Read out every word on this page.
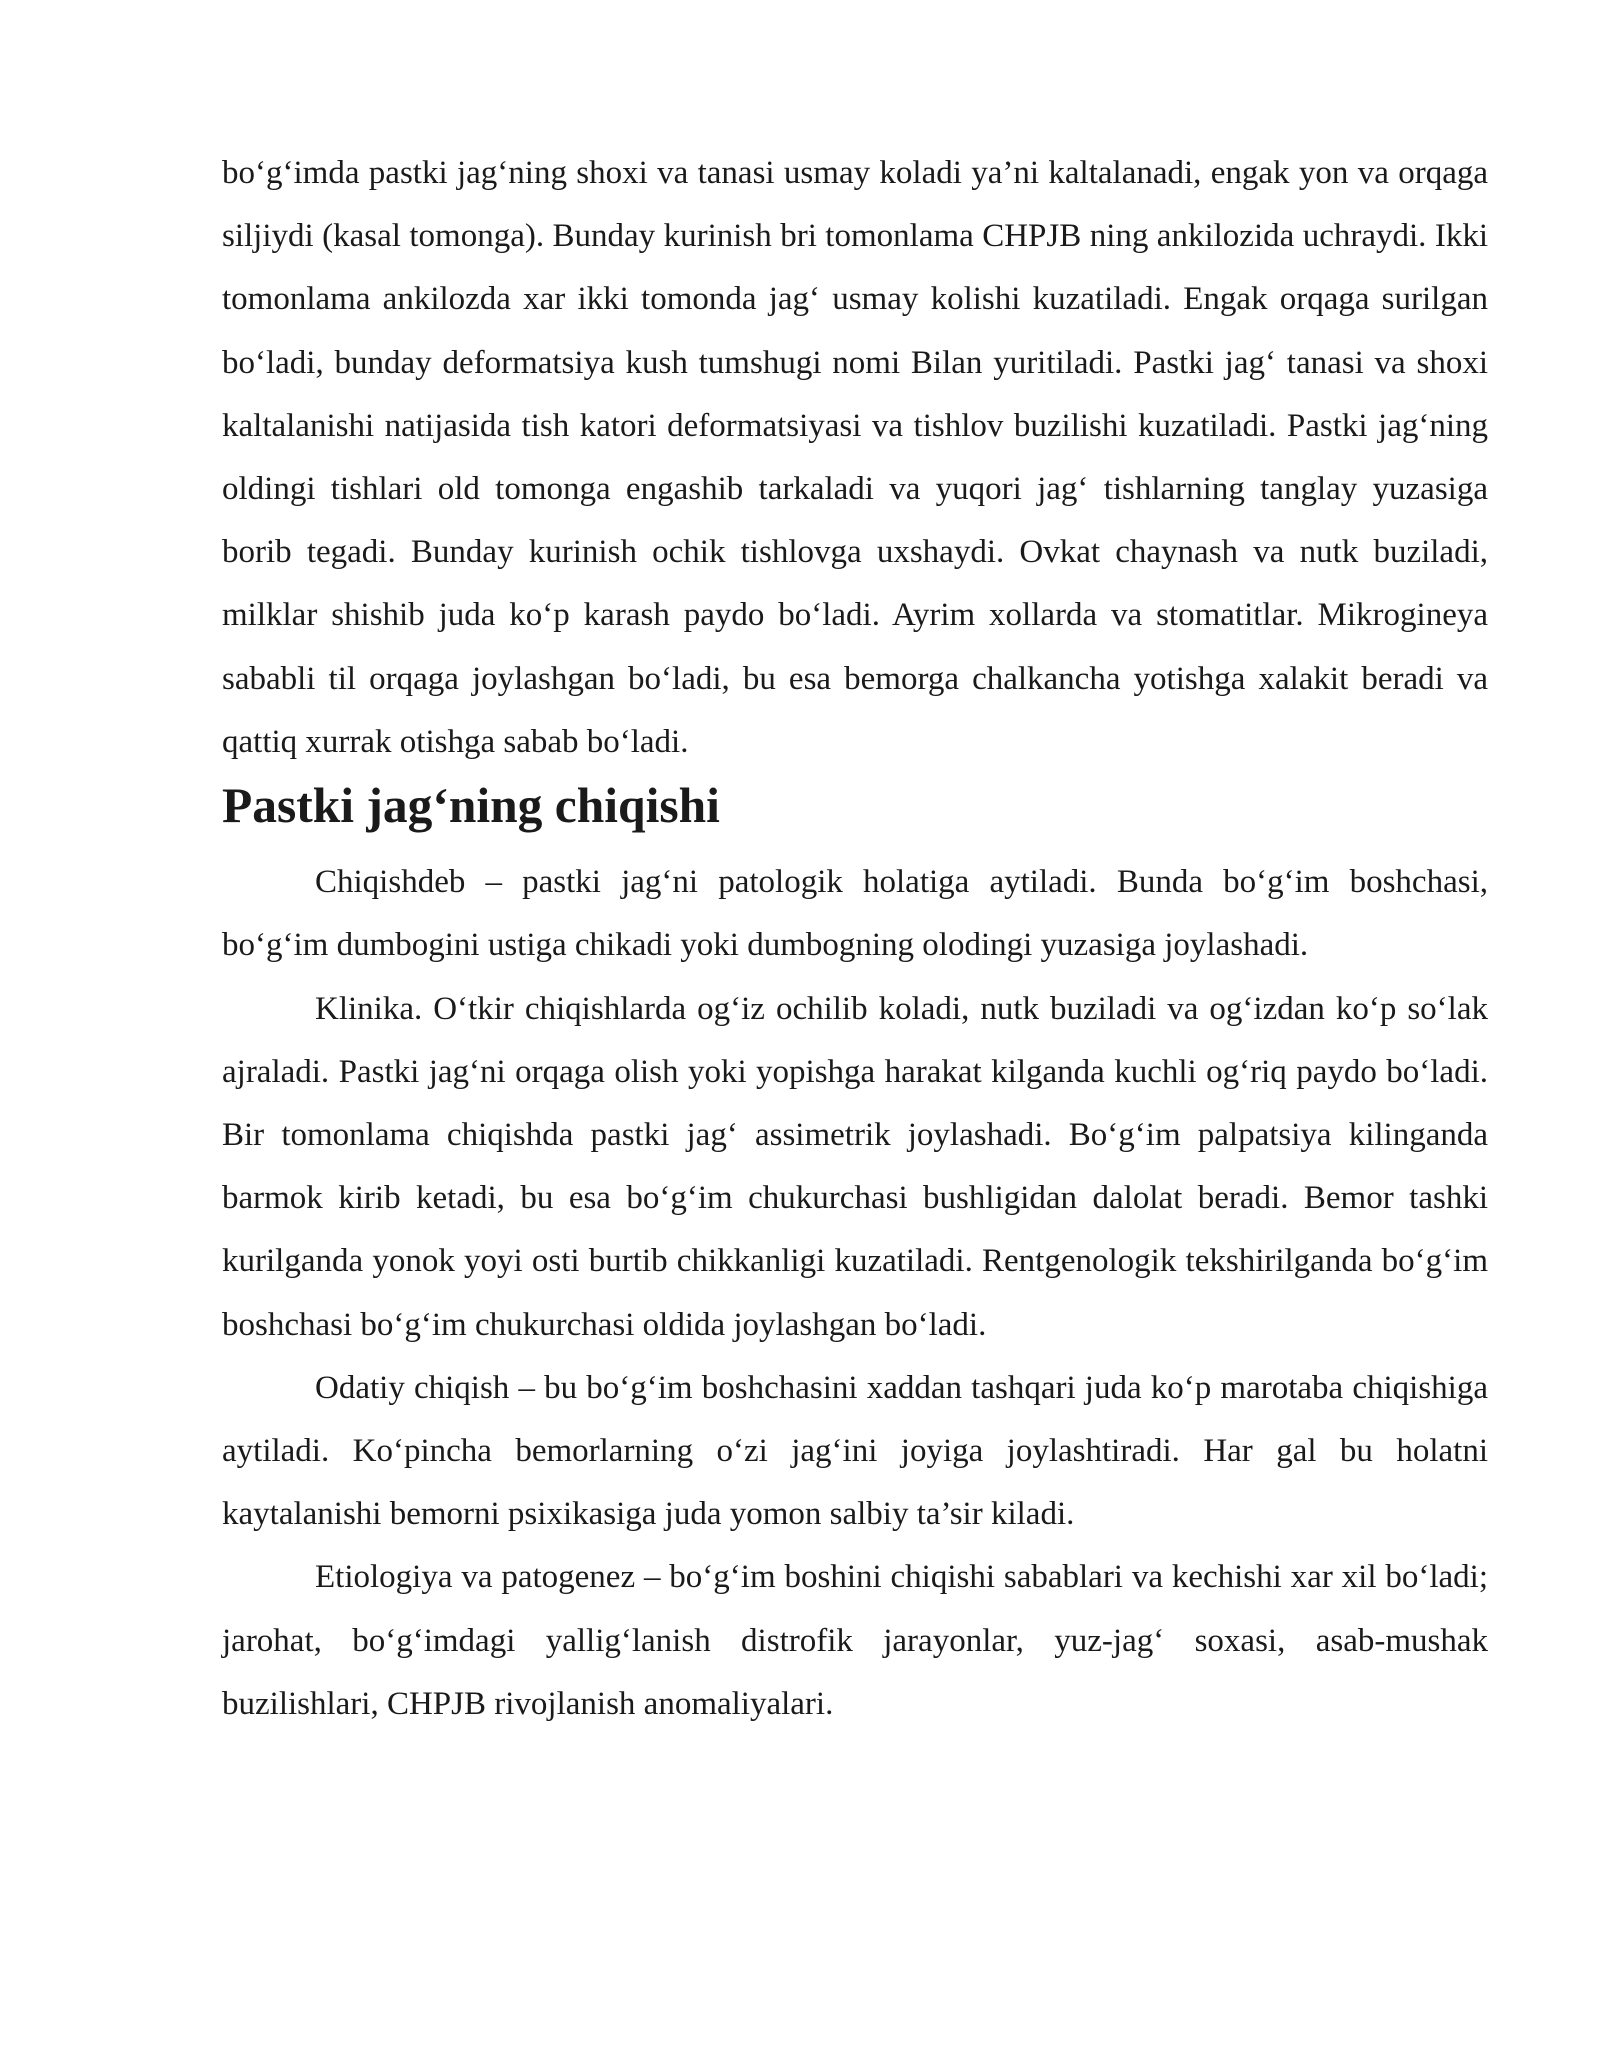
bo‘g‘imda pastki jag‘ning shoxi va tanasi usmay koladi ya’ni kaltalanadi, engak yon va orqaga siljiydi (kasal tomonga). Bunday kurinish bri tomonlama CHPJB ning ankilozida uchraydi. Ikki tomonlama ankilozda xar ikki tomonda jag‘ usmay kolishi kuzatiladi. Engak orqaga surilgan bo‘ladi, bunday deformatsiya kush tumshugi nomi Bilan yuritiladi. Pastki jag‘ tanasi va shoxi kaltalanishi natijasida tish katori deformatsiyasi va tishlov buzilishi kuzatiladi. Pastki jag‘ning oldingi tishlari old tomonga engashib tarkaladi va yuqori jag‘ tishlarning tanglay yuzasiga borib tegadi. Bunday kurinish ochik tishlovga uxshaydi. Ovkat chaynash va nutk buziladi, milklar shishib juda ko‘p karash paydo bo‘ladi. Ayrim xollarda va stomatitlar. Mikrogineya sababli til orqaga joylashgan bo‘ladi, bu esa bemorga chalkancha yotishga xalakit beradi va qattiq xurrak otishga sabab bo‘ladi.

Pastki jag‘ning chiqishi

Chiqishdeb – pastki jag‘ni patologik holatiga aytiladi. Bunda bo‘g‘im boshchasi, bo‘g‘im dumbogini ustiga chikadi yoki dumbogning olodingi yuzasiga joylashadi.

Klinika. O‘tkir chiqishlarda og‘iz ochilib koladi, nutk buziladi va og‘izdan ko‘p so‘lak ajraladi. Pastki jag‘ni orqaga olish yoki yopishga harakat kilganda kuchli og‘riq paydo bo‘ladi. Bir tomonlama chiqishda pastki jag‘ assimetrik joylashadi. Bo‘g‘im palpatsiya kilinganda barmok kirib ketadi, bu esa bo‘g‘im chukurchasi bushligidan dalolat beradi. Bemor tashki kurilganda yonok yoyi osti burtib chikkanligi kuzatiladi. Rentgenologik tekshirilganda bo‘g‘im boshchasi bo‘g‘im chukurchasi oldida joylashgan bo‘ladi.

Odatiy chiqish – bu bo‘g‘im boshchasini xaddan tashqari juda ko‘p marotaba chiqishiga aytiladi. Ko‘pincha bemorlarning o‘zi jag‘ini joyiga joylashtiradi. Har gal bu holatni kaytalanishi bemorni psixikasiga juda yomon salbiy ta’sir kiladi.

Etiologiya va patogenez – bo‘g‘im boshini chiqishi sabablari va kechishi xar xil bo‘ladi; jarohat, bo‘g‘imdagi yallig‘lanish distrofik jarayonlar, yuz-jag‘ soxasi, asab-mushak buzilishlari, CHPJB rivojlanish anomaliyalari.
